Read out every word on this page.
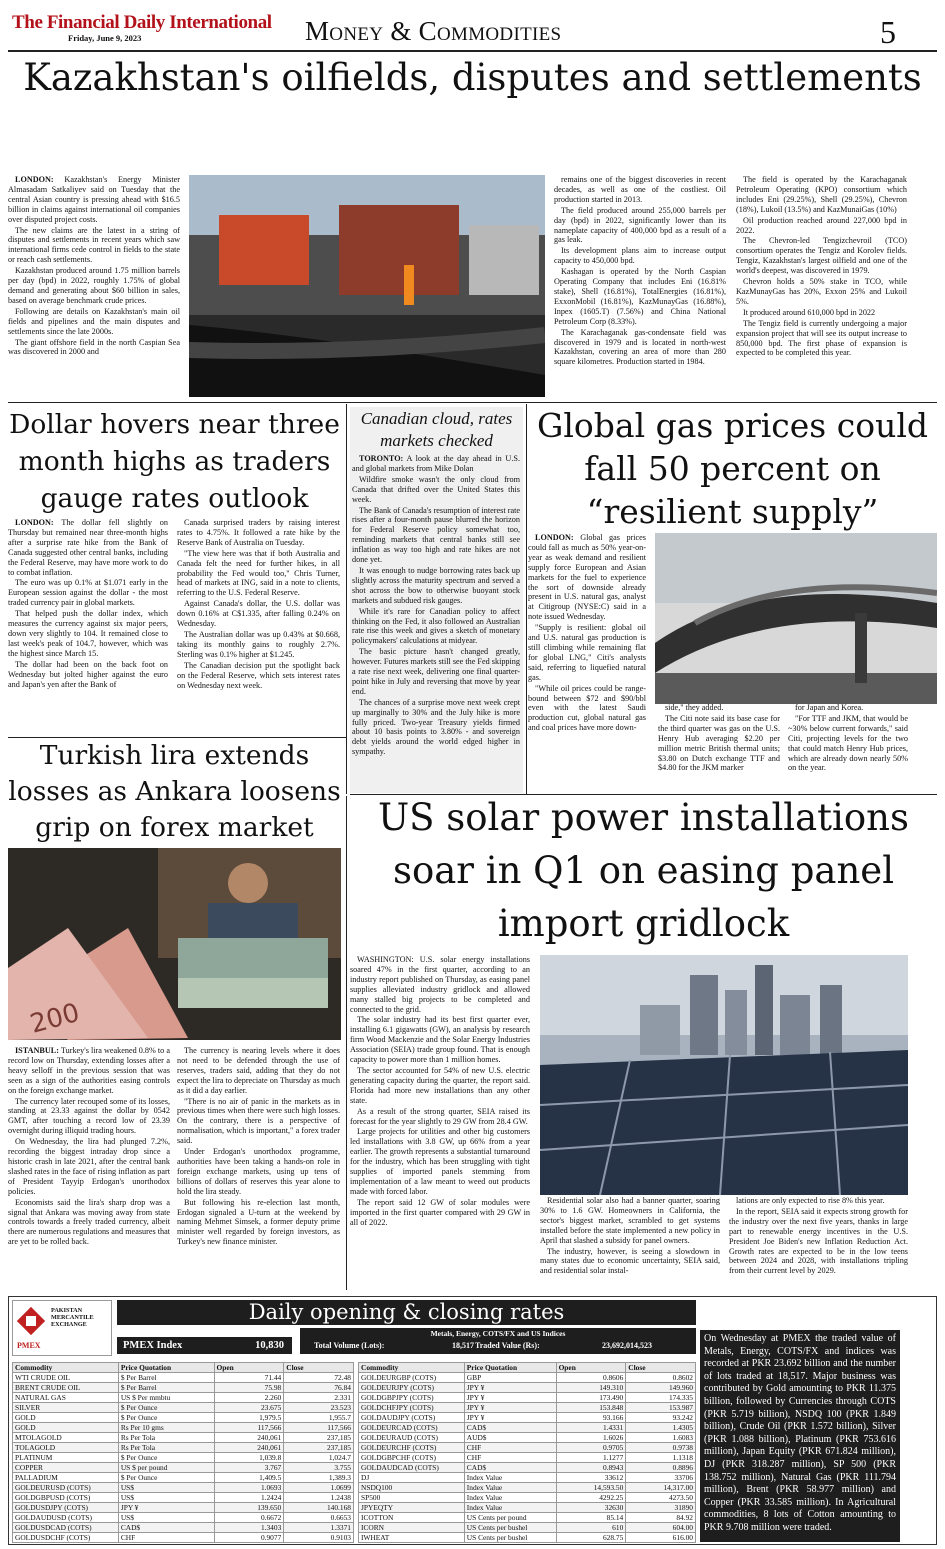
The Financial Daily International
Friday, June 9, 2023	Money & Commodities	5
Kazakhstan's oilfields, disputes and settlements

LONDON: Kazakhstan's Energy Minister Almasadam Satkaliyev said on Tuesday that the central Asian country is pressing ahead with $16.5 billion in claims against international oil companies over disputed project costs.

The new claims are the latest in a string of disputes and settlements in recent years which saw international firms cede control in fields to the state or reach cash settlements.

Kazakhstan produced around 1.75 million barrels per day (bpd) in 2022, roughly 1.75% of global demand and generating about $60 billion in sales, based on average benchmark crude prices.

Following are details on Kazakhstan's main oil fields and pipelines and the main disputes and settlements since the late 2000s.

The giant offshore field in the north Caspian Sea was discovered in 2000 and

remains one of the biggest discoveries in recent decades, as well as one of the costliest. Oil production started in 2013.

The field produced around 255,000 barrels per day (bpd) in 2022, significantly lower than its nameplate capacity of 400,000 bpd as a result of a gas leak.

Its development plans aim to increase output capacity to 450,000 bpd.

Kashagan is operated by the North Caspian Operating Company that includes Eni (16.81% stake), Shell (16.81%), TotalEnergies (16.81%), ExxonMobil (16.81%), KazMunayGas (16.88%), Inpex (1605.T) (7.56%) and China National Petroleum Corp (8.33%).

The Karachaganak gas-condensate field was discovered in 1979 and is located in north-west Kazakhstan, covering an area of more than 280 square kilometres. Production started in 1984.

The field is operated by the Karachaganak Petroleum Operating (KPO) consortium which includes Eni (29.25%), Shell (29.25%), Chevron (18%), Lukoil (13.5%) and KazMunaiGas (10%)

Oil production reached around 227,000 bpd in 2022.

The Chevron-led Tengizchevroil (TCO) consortium operates the Tengiz and Korolev fields. Tengiz, Kazakhstan's largest oilfield and one of the world's deepest, was discovered in 1979.

Chevron holds a 50% stake in TCO, while KazMunayGas has 20%, Exxon 25% and Lukoil 5%.

It produced around 610,000 bpd in 2022

The Tengiz field is currently undergoing a major expansion project that will see its output increase to 850,000 bpd. The first phase of expansion is expected to be completed this year.

Dollar hovers near three month highs as traders gauge rates outlook

LONDON: The dollar fell slightly on Thursday but remained near three-month highs after a surprise rate hike from the Bank of Canada suggested other central banks, including the Federal Reserve, may have more work to do to combat inflation.

The euro was up 0.1% at $1.071 early in the European session against the dollar - the most traded currency pair in global markets.

That helped push the dollar index, which measures the currency against six major peers, down very slightly to 104. It remained close to last week's peak of 104.7, however, which was the highest since March 15.

The dollar had been on the back foot on Wednesday but jolted higher against the euro and Japan's yen after the Bank of

Canada surprised traders by raising interest rates to 4.75%. It followed a rate hike by the Reserve Bank of Australia on Tuesday.

"The view here was that if both Australia and Canada felt the need for further hikes, in all probability the Fed would too," Chris Turner, head of markets at ING, said in a note to clients, referring to the U.S. Federal Reserve.

Against Canada's dollar, the U.S. dollar was down 0.16% at C$1.335, after falling 0.24% on Wednesday.

The Australian dollar was up 0.43% at $0.668, taking its monthly gains to roughly 2.7%. Sterling was 0.1% higher at $1.245.

The Canadian decision put the spotlight back on the Federal Reserve, which sets interest rates on Wednesday next week.

Canadian cloud, rates markets checked

TORONTO: A look at the day ahead in U.S. and global markets from Mike Dolan

Wildfire smoke wasn't the only cloud from Canada that drifted over the United States this week.

The Bank of Canada's resumption of interest rate rises after a four-month pause blurred the horizon for Federal Reserve policy somewhat too, reminding markets that central banks still see inflation as way too high and rate hikes are not done yet.

It was enough to nudge borrowing rates back up slightly across the maturity spectrum and served a shot across the bow to otherwise buoyant stock markets and subdued risk gauges.

While it's rare for Canadian policy to affect thinking on the Fed, it also followed an Australian rate rise this week and gives a sketch of monetary policymakers' calculations at midyear.

The basic picture hasn't changed greatly, however. Futures markets still see the Fed skipping a rate rise next week, delivering one final quarter-point hike in July and reversing that move by year end.

The chances of a surprise move next week crept up marginally to 30% and the July hike is more fully priced. Two-year Treasury yields firmed about 10 basis points to 3.80% - and sovereign debt yields around the world edged higher in sympathy.

Global gas prices could fall 50 percent on “resilient supply”

LONDON: Global gas prices could fall as much as 50% year-on-year as weak demand and resilient supply force European and Asian markets for the fuel to experience the sort of downside already present in U.S. natural gas, analyst at Citigroup (NYSE:C) said in a note issued Wednesday.

"Supply is resilient: global oil and U.S. natural gas production is still climbing while remaining flat for global LNG," Citi's analysts said, referring to liquefied natural gas.

"While oil prices could be range-bound between $72 and $90/bbl even with the latest Saudi production cut, global natural gas and coal prices have more down-

side," they added.

The Citi note said its base case for the third quarter was gas on the U.S. Henry Hub averaging $2.20 per million metric British thermal units; $3.80 on Dutch exchange TTF and $4.80 for the JKM marker

for Japan and Korea.

"For TTF and JKM, that would be ~30% below current forwards," said Citi, projecting levels for the two that could match Henry Hub prices, which are already down nearly 50% on the year.

Turkish lira extends losses as Ankara loosens grip on forex market
200

ISTANBUL: Turkey's lira weakened 0.8% to a record low on Thursday, extending losses after a heavy selloff in the previous session that was seen as a sign of the authorities easing controls on the foreign exchange market.

The currency later recouped some of its losses, standing at 23.33 against the dollar by 0542 GMT, after touching a record low of 23.39 overnight during illiquid trading hours.

On Wednesday, the lira had plunged 7.2%, recording the biggest intraday drop since a historic crash in late 2021, after the central bank slashed rates in the face of rising inflation as part of President Tayyip Erdogan's unorthodox policies.

Economists said the lira's sharp drop was a signal that Ankara was moving away from state controls towards a freely traded currency, albeit there are numerous regulations and measures that are yet to be rolled back.

The currency is nearing levels where it does not need to be defended through the use of reserves, traders said, adding that they do not expect the lira to depreciate on Thursday as much as it did a day earlier.

"There is no air of panic in the markets as in previous times when there were such high losses. On the contrary, there is a perspective of normalisation, which is important," a forex trader said.

Under Erdogan's unorthodox programme, authorities have been taking a hands-on role in foreign exchange markets, using up tens of billions of dollars of reserves this year alone to hold the lira steady.

But following his re-election last month, Erdogan signaled a U-turn at the weekend by naming Mehmet Simsek, a former deputy prime minister well regarded by foreign investors, as Turkey's new finance minister.

US solar power installations soar in Q1 on easing panel import gridlock

WASHINGTON: U.S. solar energy installations soared 47% in the first quarter, according to an industry report published on Thursday, as easing panel supplies alleviated industry gridlock and allowed many stalled big projects to be completed and connected to the grid.

The solar industry had its best first quarter ever, installing 6.1 gigawatts (GW), an analysis by research firm Wood Mackenzie and the Solar Energy Industries Association (SEIA) trade group found. That is enough capacity to power more than 1 million homes.

The sector accounted for 54% of new U.S. electric generating capacity during the quarter, the report said. Florida had more new installations than any other state.

As a result of the strong quarter, SEIA raised its forecast for the year slightly to 29 GW from 28.4 GW.

Large projects for utilities and other big customers led installations with 3.8 GW, up 66% from a year earlier. The growth represents a substantial turnaround for the industry, which has been struggling with tight supplies of imported panels stemming from implementation of a law meant to weed out products made with forced labor.

The report said 12 GW of solar modules were imported in the first quarter compared with 29 GW in all of 2022.

Residential solar also had a banner quarter, soaring 30% to 1.6 GW. Homeowners in California, the sector's biggest market, scrambled to get systems installed before the state implemented a new policy in April that slashed a subsidy for panel owners.

The industry, however, is seeing a slowdown in many states due to economic uncertainty, SEIA said, and residential solar instal-

lations are only expected to rise 8% this year.

In the report, SEIA said it expects strong growth for the industry over the next five years, thanks in large part to renewable energy incentives in the U.S. President Joe Biden's new Inflation Reduction Act. Growth rates are expected to be in the low teens between 2024 and 2028, with installations tripling from their current level by 2029.

PAKISTAN MERCANTILE EXCHANGE
PMEX
Daily opening & closing rates
PMEX Index	10,830
Metals, Energy, COTS/FX and US Indices
Total Volume (Lots):	18,517 Traded Value (Rs):	23,692,014,523
Commodity	Price Quotation	Open	Close
WTI CRUDE OIL	$ Per Barrel	71.44	72.48
BRENT CRUDE OIL	$ Per Barrel	75.98	76.84
NATURAL GAS	US $ Per mmbtu	2.260	2.331
SILVER	$ Per Ounce	23.675	23.523
GOLD	$ Per Ounce	1,979.5	1,955.7
GOLD	Rs Per 10 gms	117,566	117,566
MTOLAGOLD	Rs Per Tola	240,061	237,185
TOLAGOLD	Rs Per Tola	240,061	237,185
PLATINUM	$ Per Ounce	1,039.8	1,024.7
COPPER	US $ per pound	3.767	3.755
PALLADIUM	$ Per Ounce	1,409.5	1,389.3
GOLDEURUSD (COTS)	US$	1.0693	1.0699
GOLDGBPUSD (COTS)	US$	1.2424	1.2438
GOLDUSDJPY (COTS)	JPY ¥	139.650	140.168
GOLDAUDUSD (COTS)	US$	0.6672	0.6653
GOLDUSDCAD (COTS)	CAD$	1.3403	1.3371
GOLDUSDCHF (COTS)	CHF	0.9077	0.9103
Commodity	Price Quotation	Open	Close
GOLDEURGBP (COTS)	GBP	0.8606	0.8602
GOLDEURJPY (COTS)	JPY ¥	149.310	149.960
GOLDGBPJPY (COTS)	JPY ¥	173.490	174.335
GOLDCHFJPY (COTS)	JPY ¥	153.848	153.987
GOLDAUDJPY (COTS)	JPY ¥	93.166	93.242
GOLDEURCAD (COTS)	CAD$	1.4331	1.4305
GOLDEURAUD (COTS)	AUD$	1.6026	1.6083
GOLDEURCHF (COTS)	CHF	0.9705	0.9738
GOLDGBPCHF (COTS)	CHF	1.1277	1.1318
GOLDAUDCAD (COTS)	CAD$	0.8943	0.8896
DJ	Index Value	33612	33706
NSDQ100	Index Value	14,593.50	14,317.00
SP500	Index Value	4292.25	4273.50
JPYEQTY	Index Value	32630	31890
ICOTTON	US Cents per pound	85.14	84.92
ICORN	US Cents per bushel	610	604.00
IWHEAT	US Cents per bushel	628.75	616.00
On Wednesday at PMEX the traded value of Metals, Energy, COTS/FX and indices was recorded at PKR 23.692 billion and the number of lots traded at 18,517. Major business was contributed by Gold amounting to PKR 11.375 billion, followed by Currencies through COTS (PKR 5.719 billion), NSDQ 100 (PKR 1.849 billion), Crude Oil (PKR 1.572 billion), Silver (PKR 1.088 billion), Platinum (PKR 753.616 million), Japan Equity (PKR 671.824 million), DJ (PKR 318.287 million), SP 500 (PKR 138.752 million), Natural Gas (PKR 111.794 million), Brent (PKR 58.977 million) and Copper (PKR 33.585 million). In Agricultural commodities, 8 lots of Cotton amounting to PKR 9.708 million were traded.
